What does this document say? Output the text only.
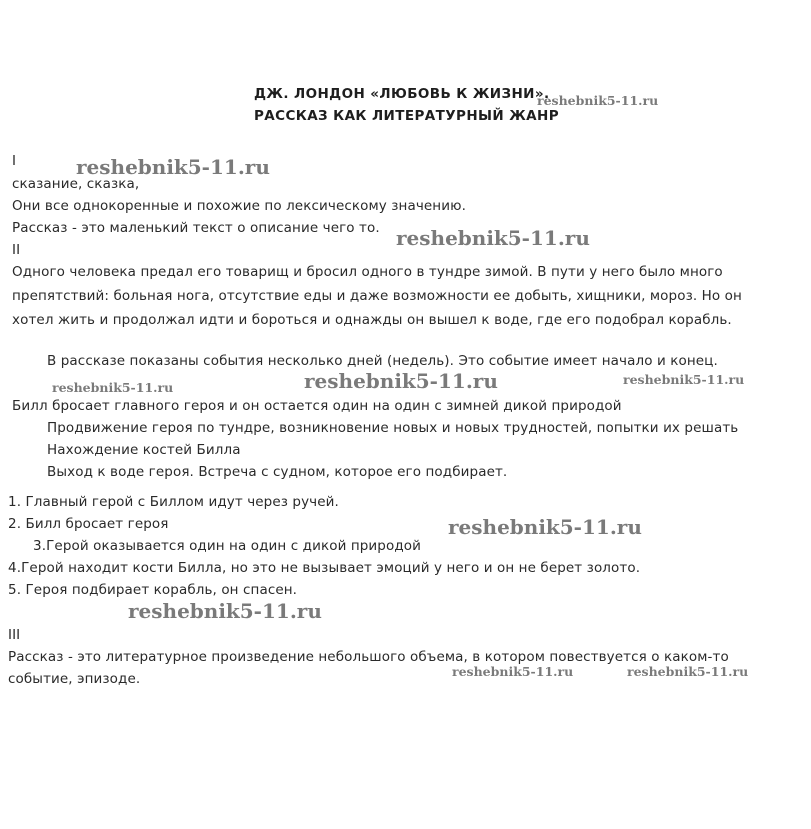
ДЖ. ЛОНДОН «ЛЮБОВЬ К ЖИЗНИ».
РАССКАЗ КАК ЛИТЕРАТУРНЫЙ ЖАНР
I
сказание, сказка,
Они все однокоренные и похожие по лексическому значению.
Рассказ - это маленький текст о описание чего то.
II
Одного человека предал его товарищ и бросил одного в тундре зимой. В пути у него было много
препятствий: больная нога, отсутствие еды и даже возможности ее добыть, хищники, мороз. Но он
хотел жить и продолжал идти и бороться и однажды он вышел к воде, где его подобрал корабль.
В рассказе показаны события несколько дней (недель). Это событие имеет начало и конец.
Билл бросает главного героя и он остается один на один с зимней дикой природой
Продвижение героя по тундре, возникновение новых и новых трудностей, попытки их решать
Нахождение костей Билла
Выход к воде героя. Встреча с судном, которое его подбирает.
1. Главный герой с Биллом идут через ручей.
2. Билл бросает героя
3.Герой оказывается один на один с дикой природой
4.Герой находит кости Билла, но это не вызывает эмоций у него и он не берет золото.
5. Героя подбирает корабль, он спасен.
III
Рассказ - это литературное произведение небольшого объема, в котором повествуется о каком-то
событие, эпизоде.
reshebnik5-11.ru
reshebnik5-11.ru
reshebnik5-11.ru
reshebnik5-11.ru	reshebnik5-11.ru	reshebnik5-11.ru
reshebnik5-11.ru
reshebnik5-11.ru
reshebnik5-11.ru	reshebnik5-11.ru
